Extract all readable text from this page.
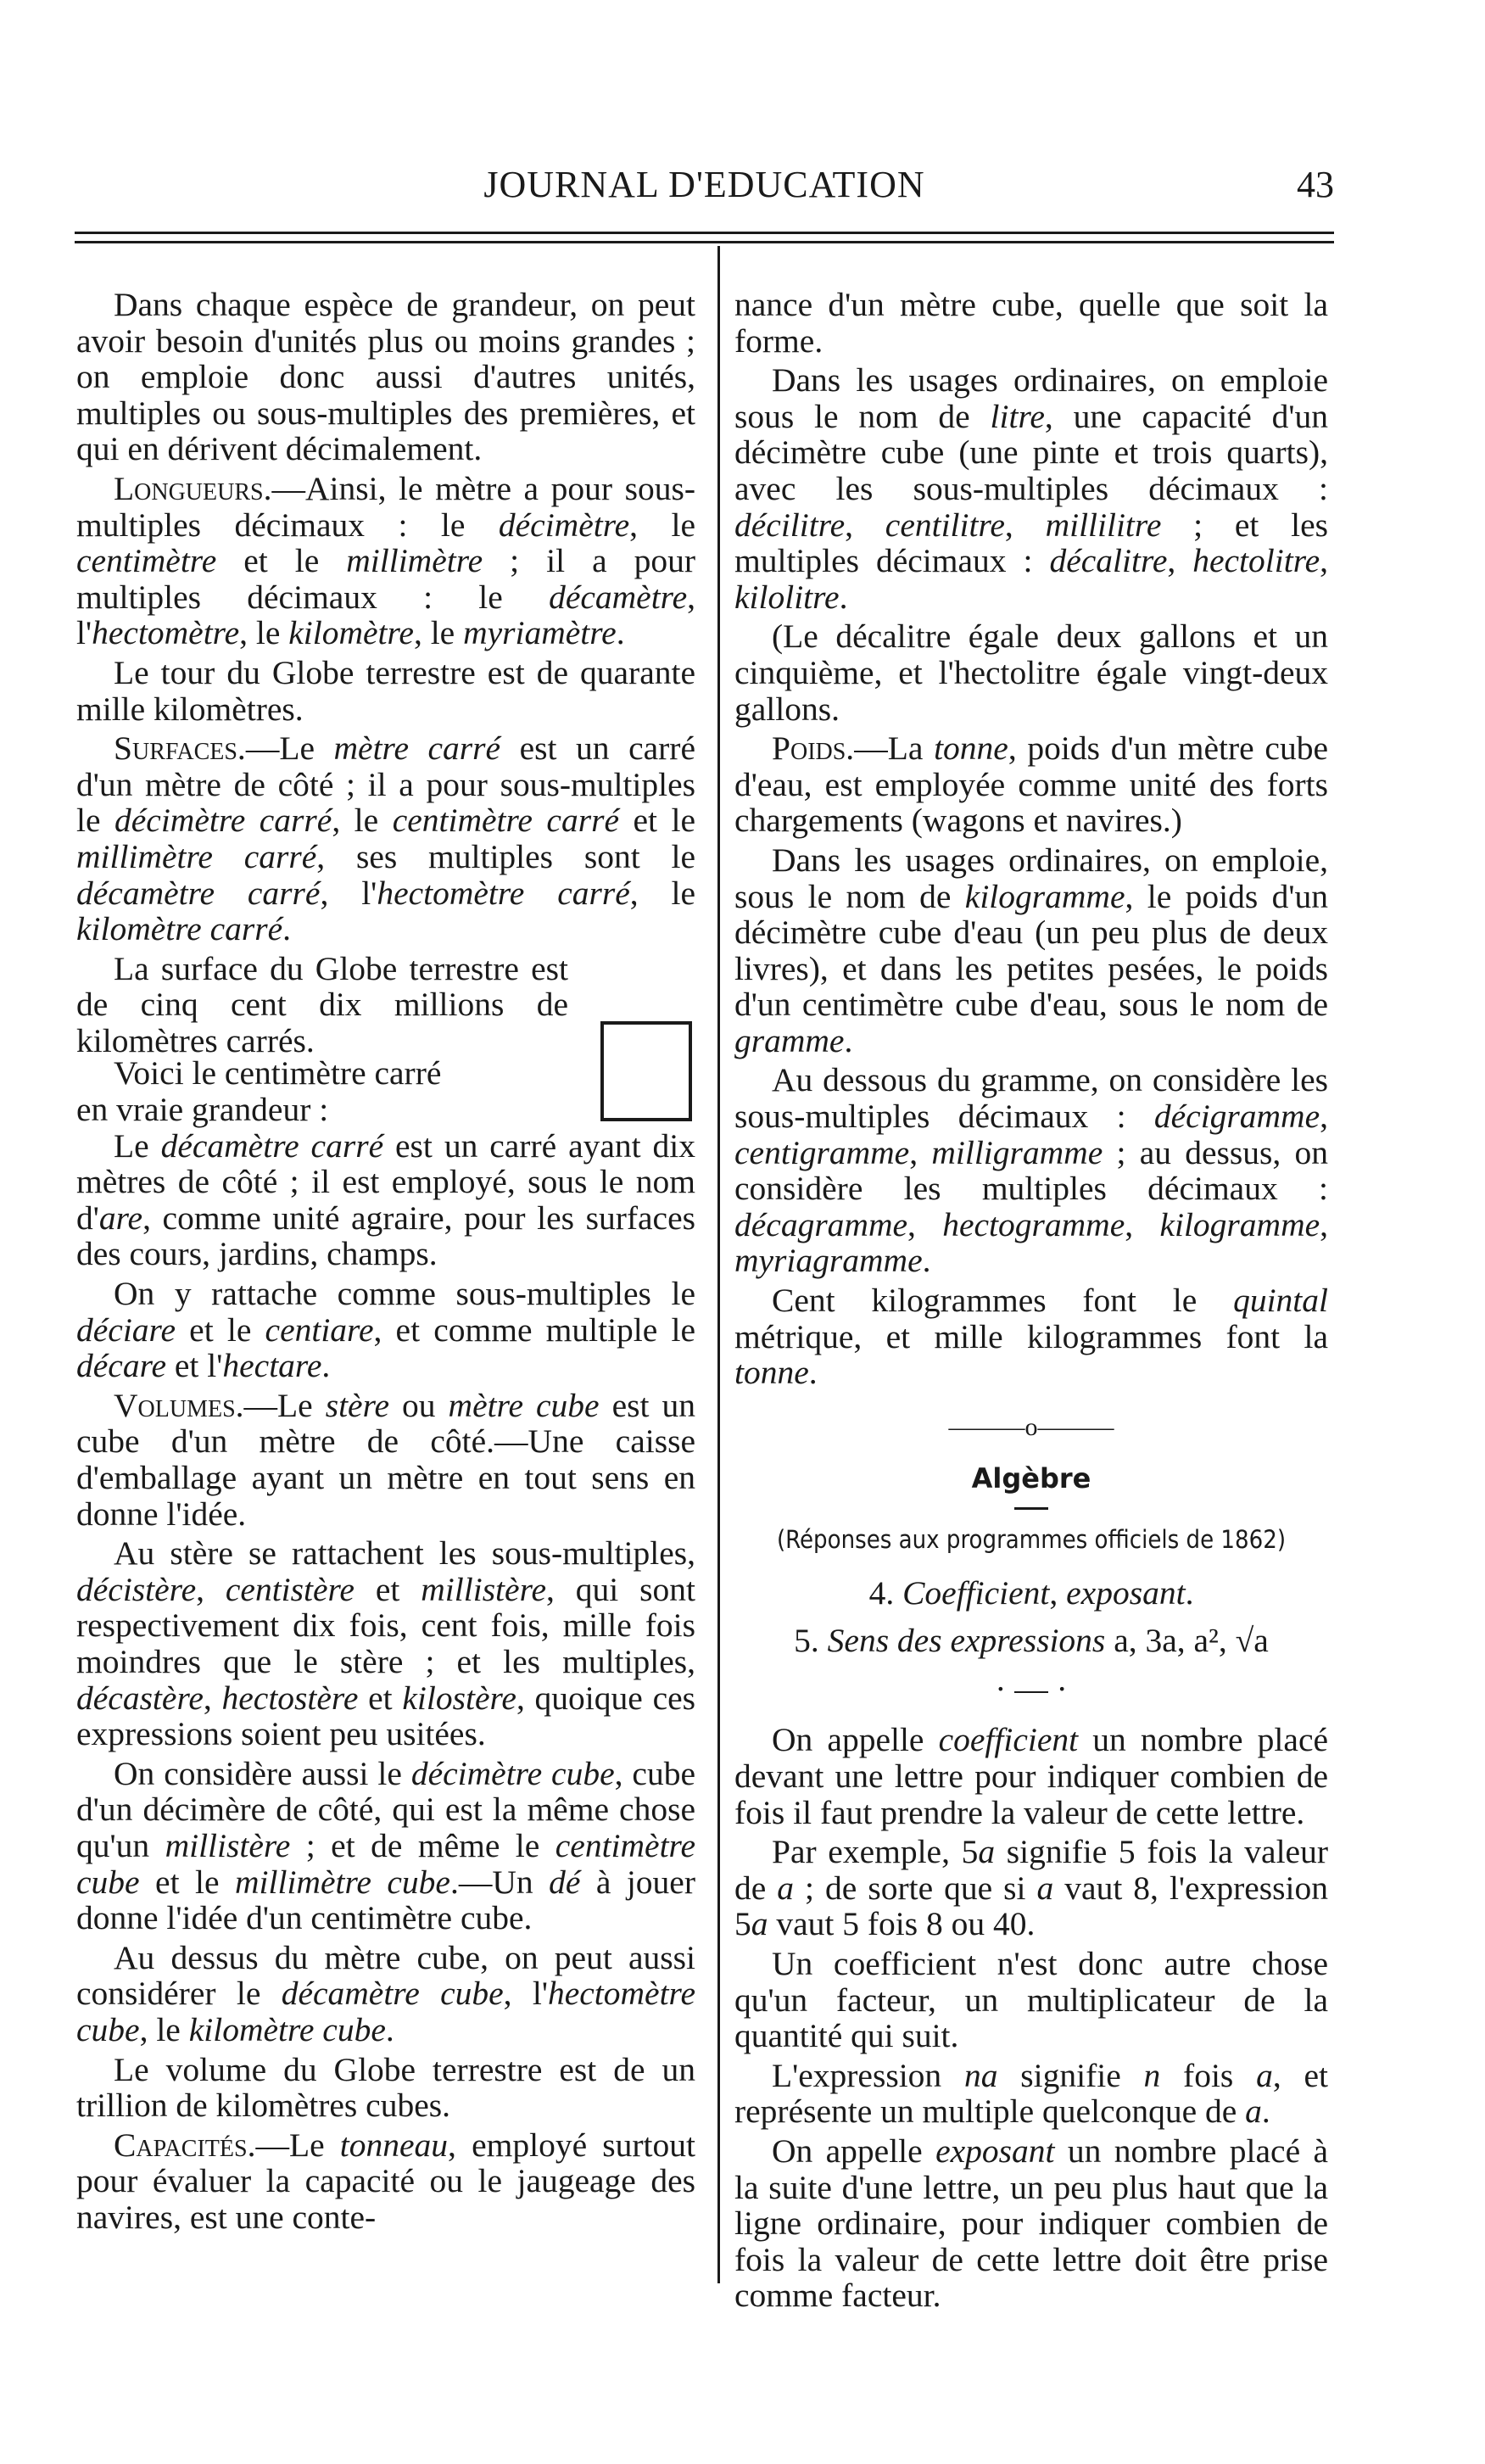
JOURNAL D'EDUCATION	43

Dans chaque espèce de grandeur, on peut avoir besoin d'unités plus ou moins grandes ; on emploie donc aussi d'autres unités, multiples ou sous-multiples des premières, et qui en dérivent décimalement.

Longueurs.—Ainsi, le mètre a pour sous-multiples décimaux : le décimètre, le centimètre et le millimètre ; il a pour multiples décimaux : le décamètre, l'hectomètre, le kilomètre, le myriamètre.

Le tour du Globe terrestre est de quarante mille kilomètres.

Surfaces.—Le mètre carré est un carré d'un mètre de côté ; il a pour sous-multiples le décimètre carré, le centimètre carré et le millimètre carré, ses multiples sont le décamètre carré, l'hectomètre carré, le kilomètre carré.

La surface du Globe terrestre est de cinq cent dix millions de kilomètres carrés.

Voici le centimètre carré

en vraie grandeur :

Le décamètre carré est un carré ayant dix mètres de côté ; il est employé, sous le nom d'are, comme unité agraire, pour les surfaces des cours, jardins, champs.

On y rattache comme sous-multiples le déciare et le centiare, et comme multiple le décare et l'hectare.

Volumes.—Le stère ou mètre cube est un cube d'un mètre de côté.—Une caisse d'emballage ayant un mètre en tout sens en donne l'idée.

Au stère se rattachent les sous-multiples, décistère, centistère et millistère, qui sont respectivement dix fois, cent fois, mille fois moindres que le stère ; et les multiples, décastère, hectostère et kilostère, quoique ces expressions soient peu usitées.

On considère aussi le décimètre cube, cube d'un décimère de côté, qui est la même chose qu'un millistère ; et de même le centimètre cube et le millimètre cube.—Un dé à jouer donne l'idée d'un centimètre cube.

Au dessus du mètre cube, on peut aussi considérer le décamètre cube, l'hectomètre cube, le kilomètre cube.

Le volume du Globe terrestre est de un trillion de kilomètres cubes.

Capacités.—Le tonneau, employé surtout pour évaluer la capacité ou le jaugeage des navires, est une conte-

nance d'un mètre cube, quelle que soit la forme.

Dans les usages ordinaires, on emploie sous le nom de litre, une capacité d'un décimètre cube (une pinte et trois quarts), avec les sous-multiples décimaux : décilitre, centilitre, millilitre ; et les multiples décimaux : décalitre, hectolitre, kilolitre.

(Le décalitre égale deux gallons et un cinquième, et l'hectolitre égale vingt-deux gallons.

Poids.—La tonne, poids d'un mètre cube d'eau, est employée comme unité des forts chargements (wagons et navires.)

Dans les usages ordinaires, on emploie, sous le nom de kilogramme, le poids d'un décimètre cube d'eau (un peu plus de deux livres), et dans les petites pesées, le poids d'un centimètre cube d'eau, sous le nom de gramme.

Au dessous du gramme, on considère les sous-multiples décimaux : décigramme, centigramme, milligramme ; au dessus, on considère les multiples décimaux : décagramme, hectogramme, kilogramme, myriagramme.

Cent kilogrammes font le quintal métrique, et mille kilogrammes font la tonne.

———o———

Algèbre

(Réponses aux programmes officiels de 1862)

4. Coefficient, exposant.

5. Sens des expressions a, 3a, a², √a

· — ·

On appelle coefficient un nombre placé devant une lettre pour indiquer combien de fois il faut prendre la valeur de cette lettre.

Par exemple, 5a signifie 5 fois la valeur de a ; de sorte que si a vaut 8, l'expression 5a vaut 5 fois 8 ou 40.

Un coefficient n'est donc autre chose qu'un facteur, un multiplicateur de la quantité qui suit.

L'expression na signifie n fois a, et représente un multiple quelconque de a.

On appelle exposant un nombre placé à la suite d'une lettre, un peu plus haut que la ligne ordinaire, pour indiquer combien de fois la valeur de cette lettre doit être prise comme facteur.
